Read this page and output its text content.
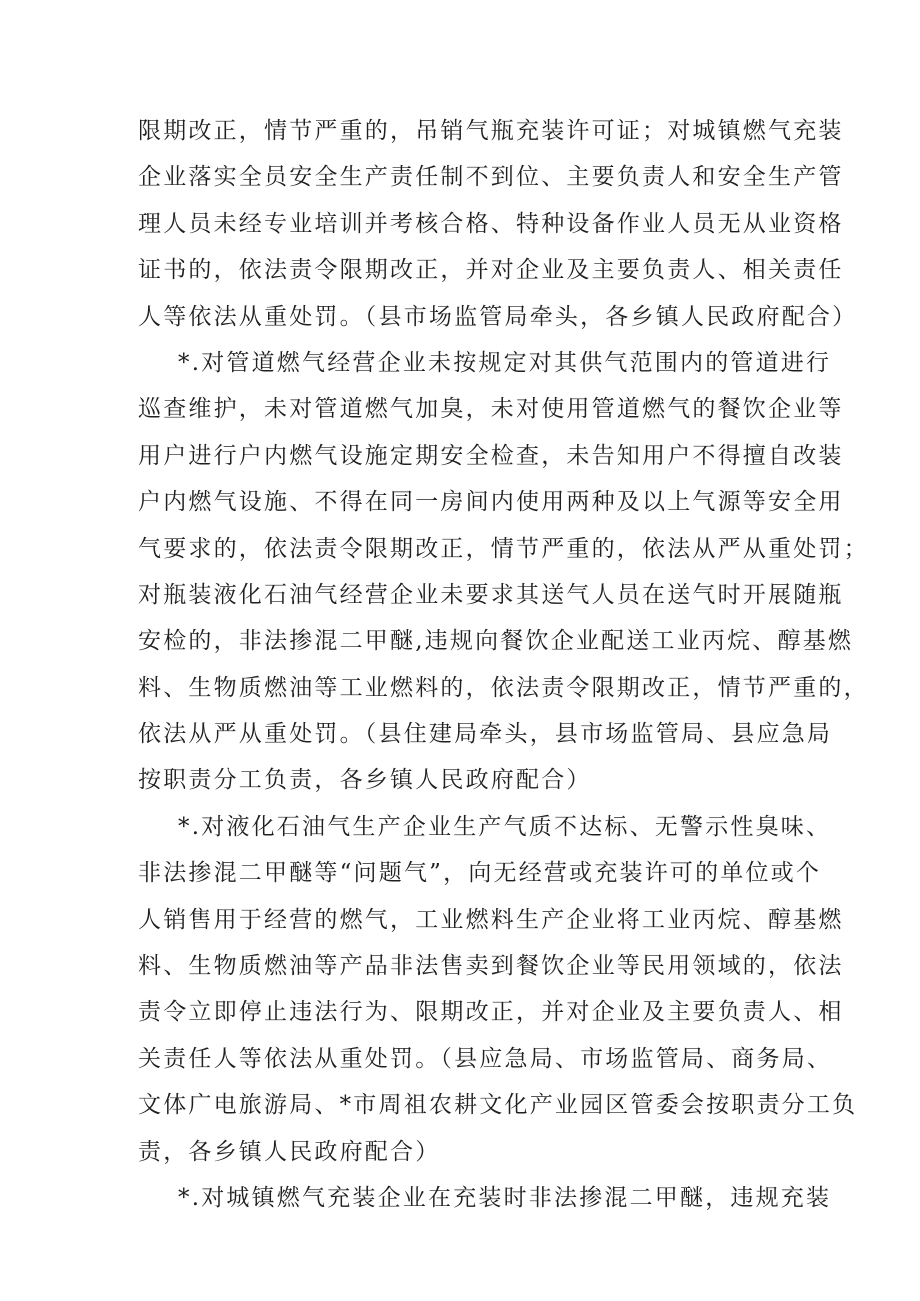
限期改正，情节严重的，吊销气瓶充装许可证；对城镇燃气充装
企业落实全员安全生产责任制不到位、主要负责人和安全生产管
理人员未经专业培训并考核合格、特种设备作业人员无从业资格
证书的，依法责令限期改正，并对企业及主要负责人、相关责任
人等依法从重处罚。（县市场监管局牵头，各乡镇人民政府配合）
*.对管道燃气经营企业未按规定对其供气范围内的管道进行
巡查维护，未对管道燃气加臭，未对使用管道燃气的餐饮企业等
用户进行户内燃气设施定期安全检查，未告知用户不得擅自改装
户内燃气设施、不得在同一房间内使用两种及以上气源等安全用
气要求的，依法责令限期改正，情节严重的，依法从严从重处罚；
对瓶装液化石油气经营企业未要求其送气人员在送气时开展随瓶
安检的，非法掺混二甲醚,违规向餐饮企业配送工业丙烷、醇基燃
料、生物质燃油等工业燃料的，依法责令限期改正，情节严重的，
依法从严从重处罚。（县住建局牵头，县市场监管局、县应急局
按职责分工负责，各乡镇人民政府配合）
*.对液化石油气生产企业生产气质不达标、无警示性臭味、
非法掺混二甲醚等“问题气”，向无经营或充装许可的单位或个
人销售用于经营的燃气，工业燃料生产企业将工业丙烷、醇基燃
料、生物质燃油等产品非法售卖到餐饮企业等民用领域的，依法
责令立即停止违法行为、限期改正，并对企业及主要负责人、相
关责任人等依法从重处罚。（县应急局、市场监管局、商务局、
文体广电旅游局、*市周祖农耕文化产业园区管委会按职责分工负
责，各乡镇人民政府配合）
*.对城镇燃气充装企业在充装时非法掺混二甲醚，违规充装
